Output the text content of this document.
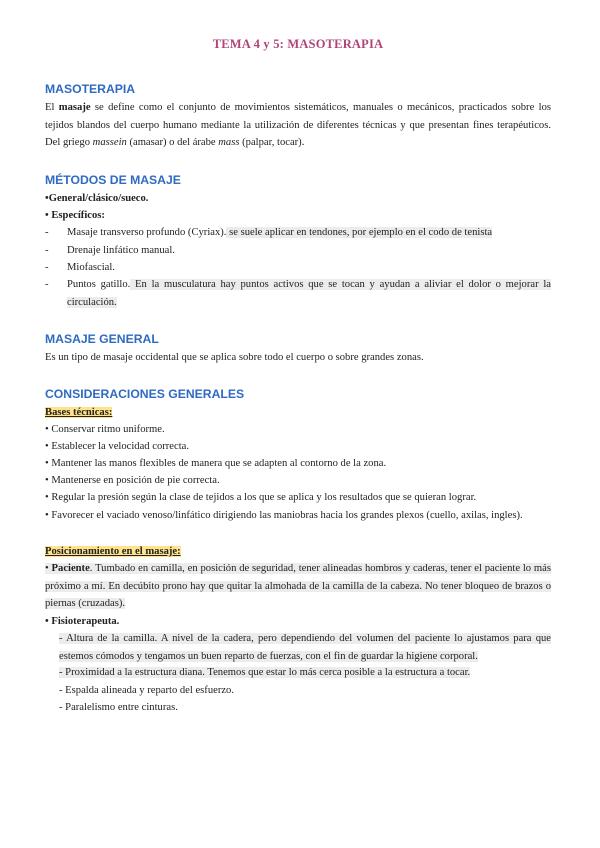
TEMA 4 y 5: MASOTERAPIA
MASOTERAPIA
El masaje se define como el conjunto de movimientos sistemáticos, manuales o mecánicos, practicados sobre los tejidos blandos del cuerpo humano mediante la utilización de diferentes técnicas y que presentan fines terapéuticos. Del griego massein (amasar) o del árabe mass (palpar, tocar).
MÉTODOS DE MASAJE
•General/clásico/sueco.
• Específicos:
- Masaje transverso profundo (Cyriax). se suele aplicar en tendones, por ejemplo en el codo de tenista
- Drenaje linfático manual.
- Miofascial.
-	Puntos gatillo. En la musculatura hay puntos activos que se tocan y ayudan a aliviar el dolor o mejorar la circulación.
MASAJE GENERAL
Es un tipo de masaje occidental que se aplica sobre todo el cuerpo o sobre grandes zonas.
CONSIDERACIONES GENERALES
Bases técnicas:
• Conservar ritmo uniforme.
• Establecer la velocidad correcta.
• Mantener las manos flexibles de manera que se adapten al contorno de la zona.
• Mantenerse en posición de pie correcta.
• Regular la presión según la clase de tejidos a los que se aplica y los resultados que se quieran lograr.
• Favorecer el vaciado venoso/linfático dirigiendo las maniobras hacia los grandes plexos (cuello, axilas, ingles).
Posicionamiento en el masaje:
• Paciente. Tumbado en camilla, en posición de seguridad, tener alineadas hombros y caderas, tener el paciente lo más próximo a mí. En decúbito prono hay que quitar la almohada de la camilla de la cabeza. No tener bloqueo de brazos o piernas (cruzadas).
• Fisioterapeuta.
- Altura de la camilla. A nivel de la cadera, pero dependiendo del volumen del paciente lo ajustamos para que estemos cómodos y tengamos un buen reparto de fuerzas, con el fin de guardar la higiene corporal.
- Proximidad a la estructura diana. Tenemos que estar lo más cerca posible a la estructura a tocar.
- Espalda alineada y reparto del esfuerzo.
- Paralelismo entre cinturas.
